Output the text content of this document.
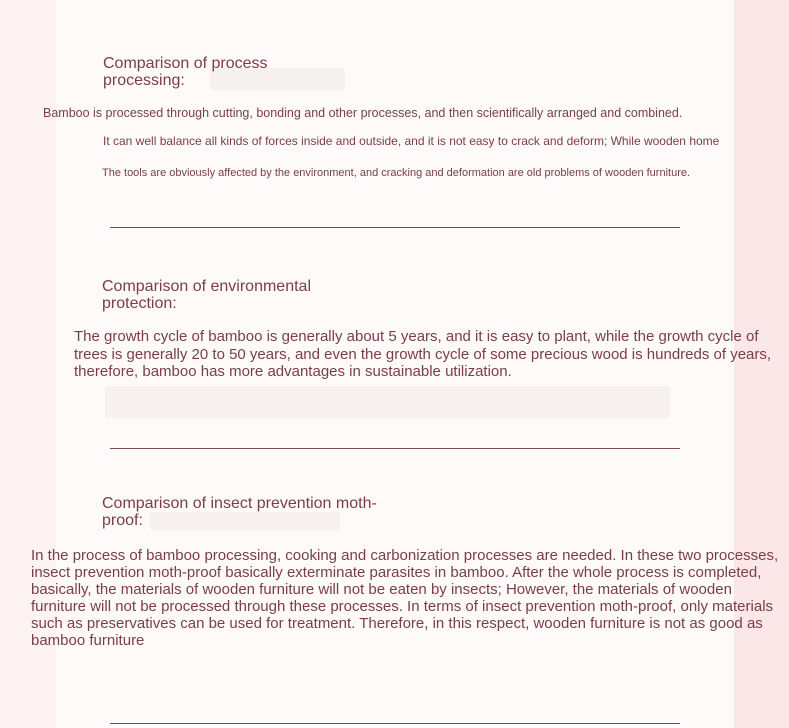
Comparison of process processing:

Bamboo is processed through cutting, bonding and other processes, and then scientifically arranged and combined.

It can well balance all kinds of forces inside and outside, and it is not easy to crack and deform; While wooden home

The tools are obviously affected by the environment, and cracking and deformation are old problems of wooden furniture.

Comparison of environmental protection:

The growth cycle of bamboo is generally about 5 years, and it is easy to plant, while the growth cycle of trees is generally 20 to 50 years, and even the growth cycle of some precious wood is hundreds of years, therefore, bamboo has more advantages in sustainable utilization.

Comparison of insect prevention moth-proof:

In the process of bamboo processing, cooking and carbonization processes are needed. In these two processes, insect prevention moth-proof basically exterminate parasites in bamboo. After the whole process is completed, basically, the materials of wooden furniture will not be eaten by insects; However, the materials of wooden furniture will not be processed through these processes. In terms of insect prevention moth-proof, only materials such as preservatives can be used for treatment. Therefore, in this respect, wooden furniture is not as good as bamboo furniture
